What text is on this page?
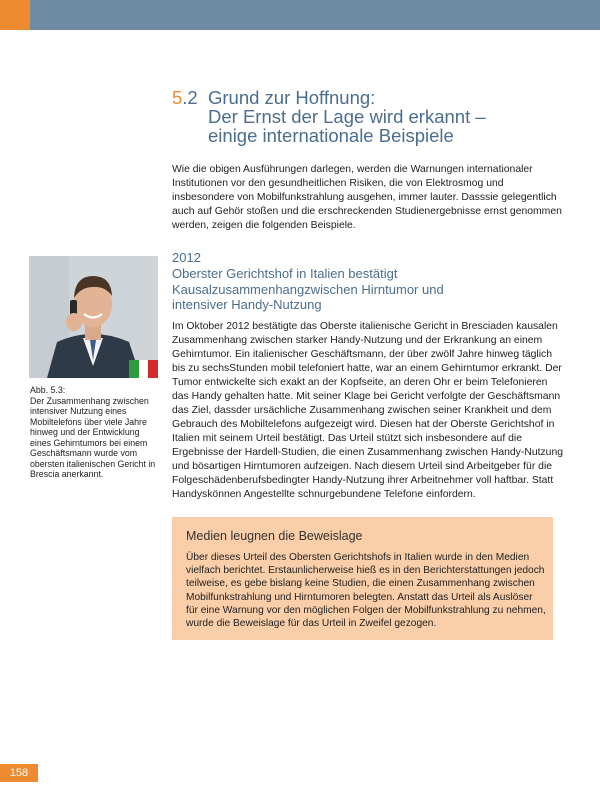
5.2 Grund zur Hoffnung:
Der Ernst der Lage wird erkannt –
einige internationale Beispiele

Wie die obigen Ausführungen darlegen, werden die Warnungen internationaler Institutionen vor den gesundheitlichen Risiken, die von Elektrosmog und insbesondere von Mobilfunkstrahlung ausgehen, immer lauter. Dasssie gelegentlich auch auf Gehör stoßen und die erschreckenden Studienergebnisse ernst genommen werden, zeigen die folgenden Beispiele.

2012
Oberster Gerichtshof in Italien bestätigt
Kausalzusammenhangzwischen Hirntumor und
intensiver Handy-Nutzung
Abb. 5.3:
Der Zusammenhang zwischen intensiver Nutzung eines Mobiltelefons über viele Jahre hinweg und der Entwicklung eines Gehirntumors bei einem Geschäftsmann wurde vom obersten italienischen Gericht in Brescia anerkannt.

Im Oktober 2012 bestätigte das Oberste italienische Gericht in Bresciaden kausalen Zusammenhang zwischen starker Handy-Nutzung und der Erkrankung an einem Gehirntumor. Ein italienischer Geschäftsmann, der über zwölf Jahre hinweg täglich bis zu sechsStunden mobil telefoniert hatte, war an einem Gehirntumor erkrankt. Der Tumor entwickelte sich exakt an der Kopfseite, an deren Ohr er beim Telefonieren das Handy gehalten hatte. Mit seiner Klage bei Gericht verfolgte der Geschäftsmann das Ziel, dassder ursächliche Zusammenhang zwischen seiner Krankheit und dem Gebrauch des Mobiltelefons aufgezeigt wird. Diesen hat der Oberste Gerichtshof in Italien mit seinem Urteil bestätigt. Das Urteil stützt sich insbesondere auf die Ergebnisse der Hardell-Studien, die einen Zusammenhang zwischen Handy-Nutzung und bösartigen Hirntumoren aufzeigen. Nach diesem Urteil sind Arbeitgeber für die Folgeschädenberufsbedingter Handy-Nutzung ihrer Arbeitnehmer voll haftbar. Statt Handyskönnen Angestellte schnurgebundene Telefone einfordern.

Medien leugnen die Beweislage

Über dieses Urteil des Obersten Gerichtshofs in Italien wurde in den Medien vielfach berichtet. Erstaunlicherweise hieß es in den Berichterstattungen jedoch teilweise, es gebe bislang keine Studien, die einen Zusammenhang zwischen Mobilfunkstrahlung und Hirntumoren belegten. Anstatt das Urteil als Auslöser für eine Warnung vor den möglichen Folgen der Mobilfunkstrahlung zu nehmen, wurde die Beweislage für das Urteil in Zweifel gezogen.

158
